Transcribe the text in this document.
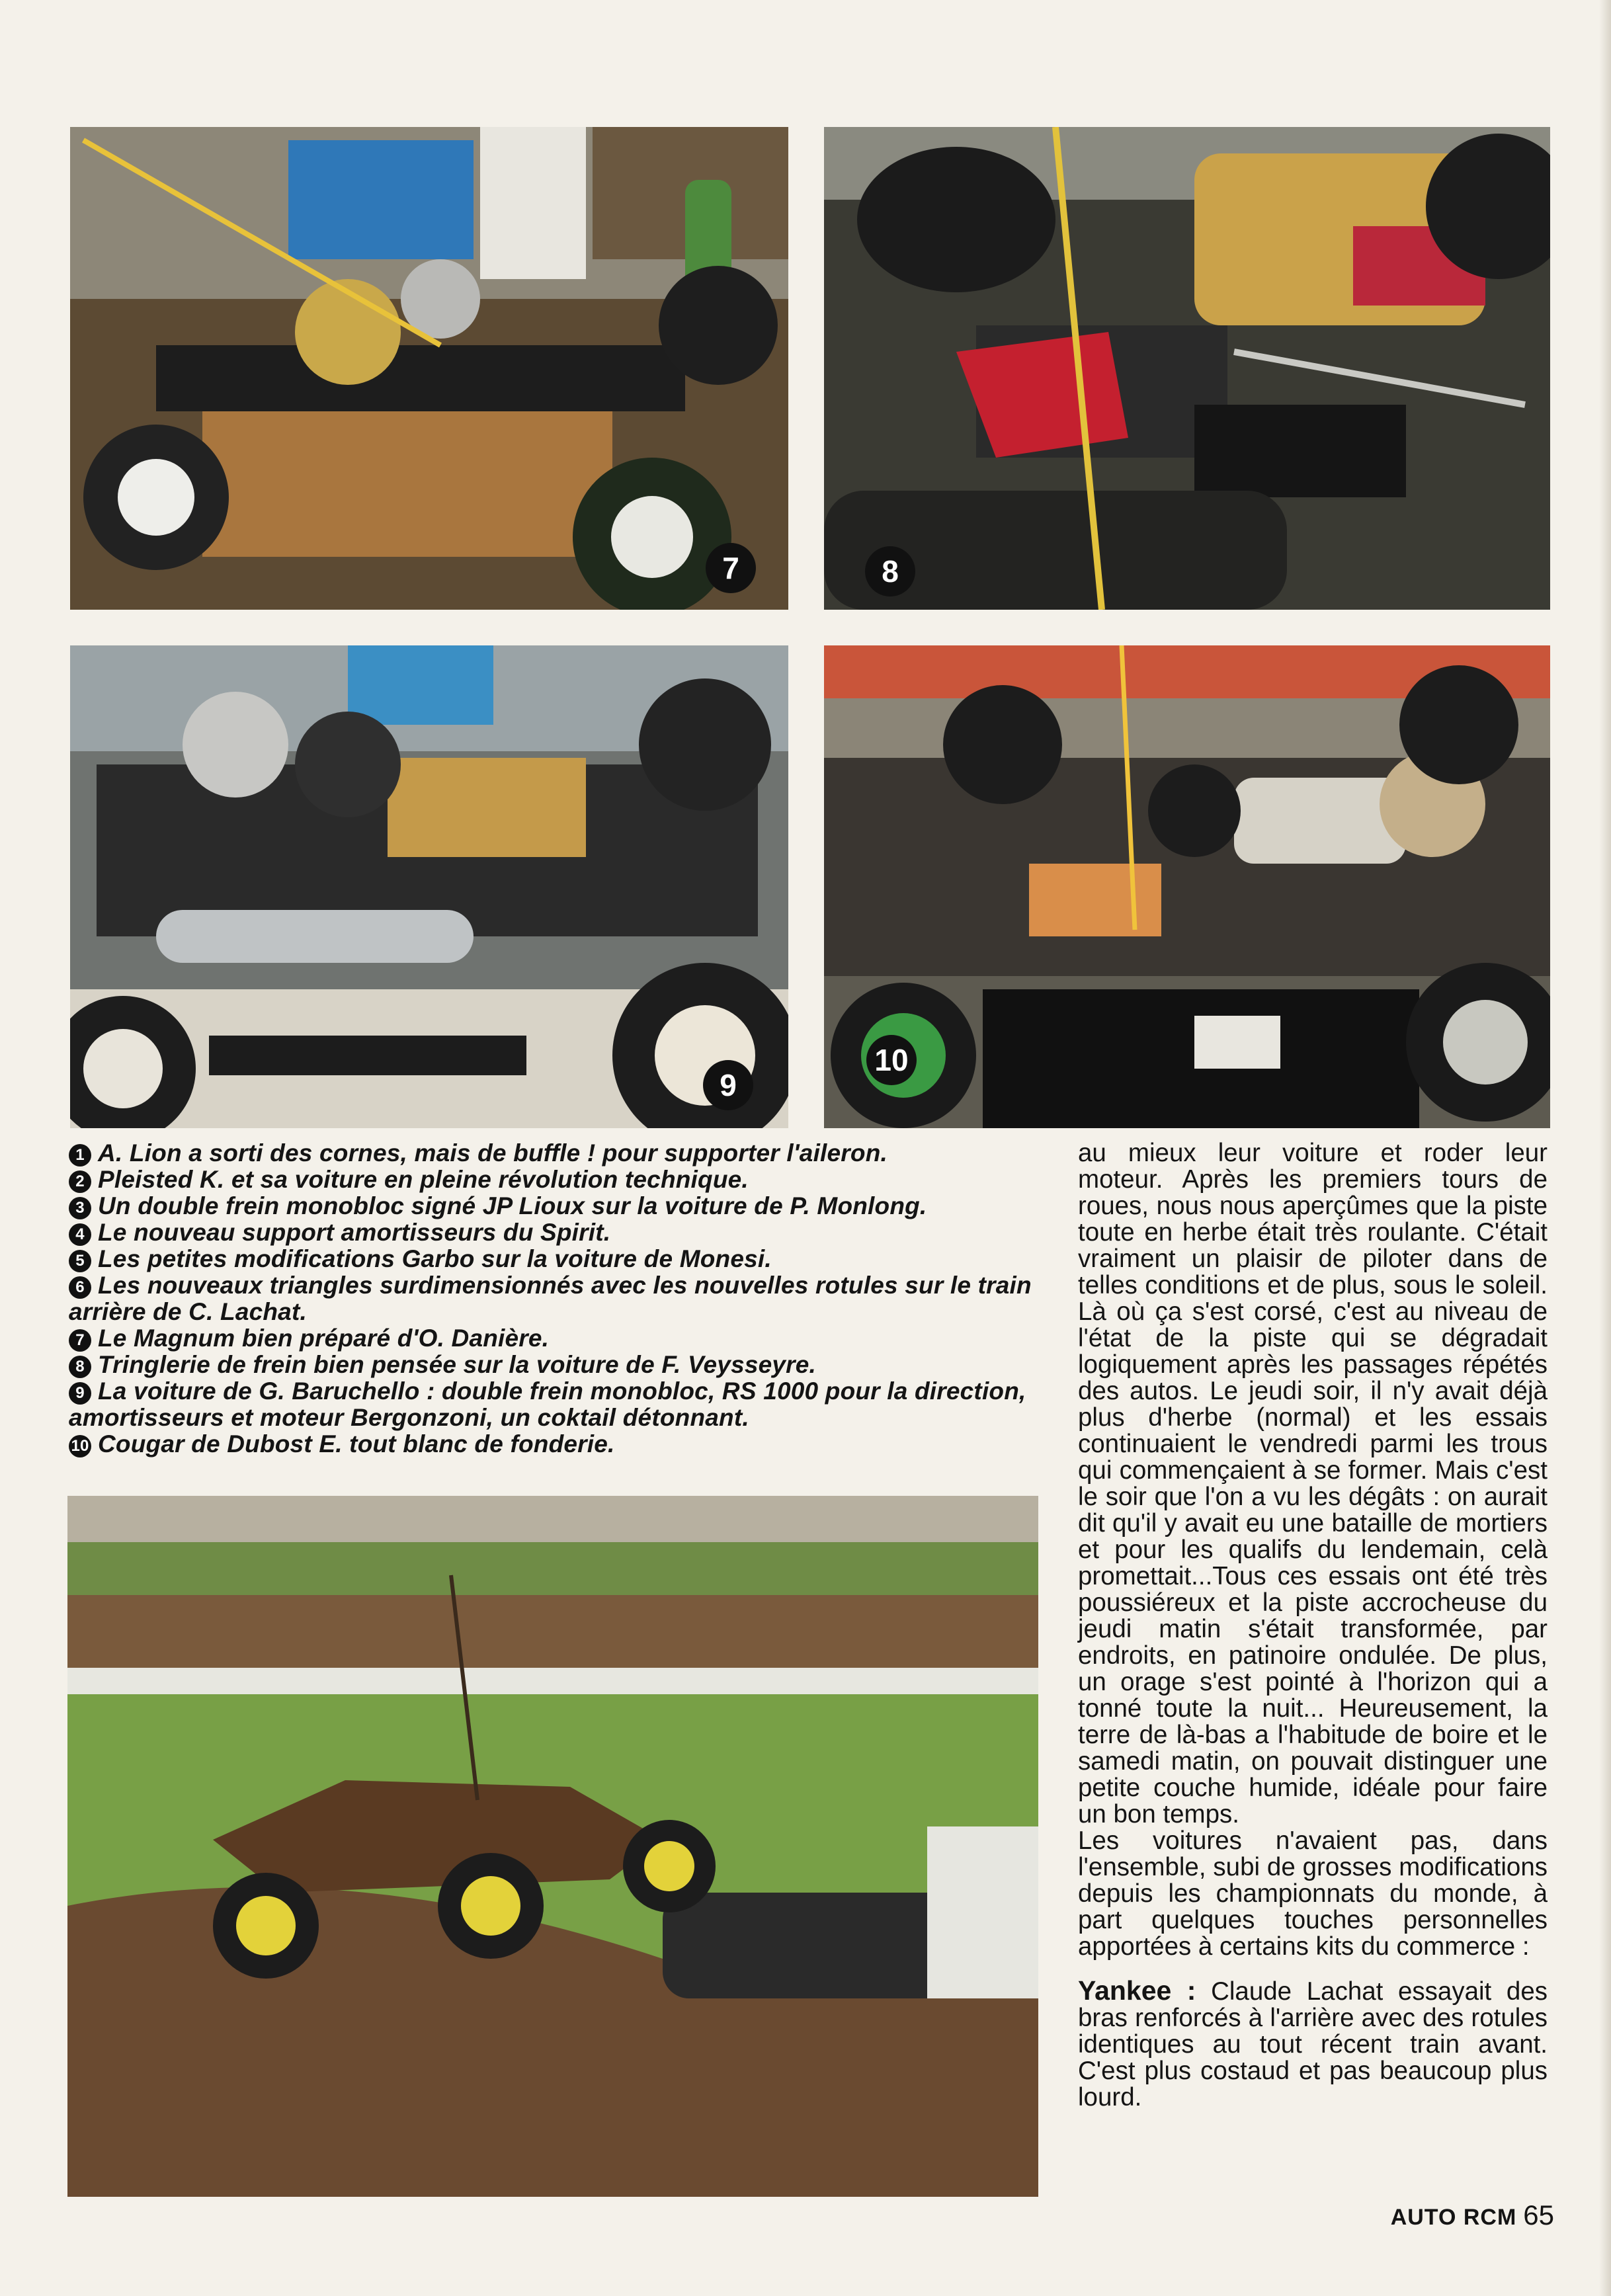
7	8
9
10
1 A. Lion a sorti des cornes, mais de buffle ! pour supporter l'aileron.
2 Pleisted K. et sa voiture en pleine révolution technique.
3 Un double frein monobloc signé JP Lioux sur la voiture de P. Monlong.
4 Le nouveau support amortisseurs du Spirit.
5 Les petites modifications Garbo sur la voiture de Monesi.
6 Les nouveaux triangles surdimensionnés avec les nouvelles rotules sur le train arrière de C. Lachat.
7 Le Magnum bien préparé d'O. Danière.
8 Tringlerie de frein bien pensée sur la voiture de F. Veysseyre.
9 La voiture de G. Baruchello : double frein monobloc, RS 1000 pour la direction, amortisseurs et moteur Bergonzoni, un coktail détonnant.
10 Cougar de Dubost E. tout blanc de fonderie.

au mieux leur voiture et roder leur moteur. Après les premiers tours de roues, nous nous aperçûmes que la piste toute en herbe était très roulante. C'était vraiment un plaisir de piloter dans de telles conditions et de plus, sous le soleil. Là où ça s'est corsé, c'est au niveau de l'état de la piste qui se dégradait logiquement après les passages répétés des autos. Le jeudi soir, il n'y avait déjà plus d'herbe (normal) et les essais continuaient le vendredi parmi les trous qui commençaient à se former. Mais c'est le soir que l'on a vu les dégâts : on aurait dit qu'il y avait eu une bataille de mortiers et pour les qualifs du lendemain, celà promettait...Tous ces essais ont été très poussiéreux et la piste accrocheuse du jeudi matin s'était transformée, par endroits, en patinoire ondulée. De plus, un orage s'est pointé à l'horizon qui a tonné toute la nuit... Heureusement, la terre de là-bas a l'habitude de boire et le samedi matin, on pouvait distinguer une petite couche humide, idéale pour faire un bon temps.

Les voitures n'avaient pas, dans l'ensemble, subi de grosses modifications depuis les championnats du monde, à part quelques touches personnelles apportées à certains kits du commerce :

Yankee : Claude Lachat essayait des bras renforcés à l'arrière avec des rotules identiques au tout récent train avant. C'est plus costaud et pas beaucoup plus lourd.

AUTO RCM 65
